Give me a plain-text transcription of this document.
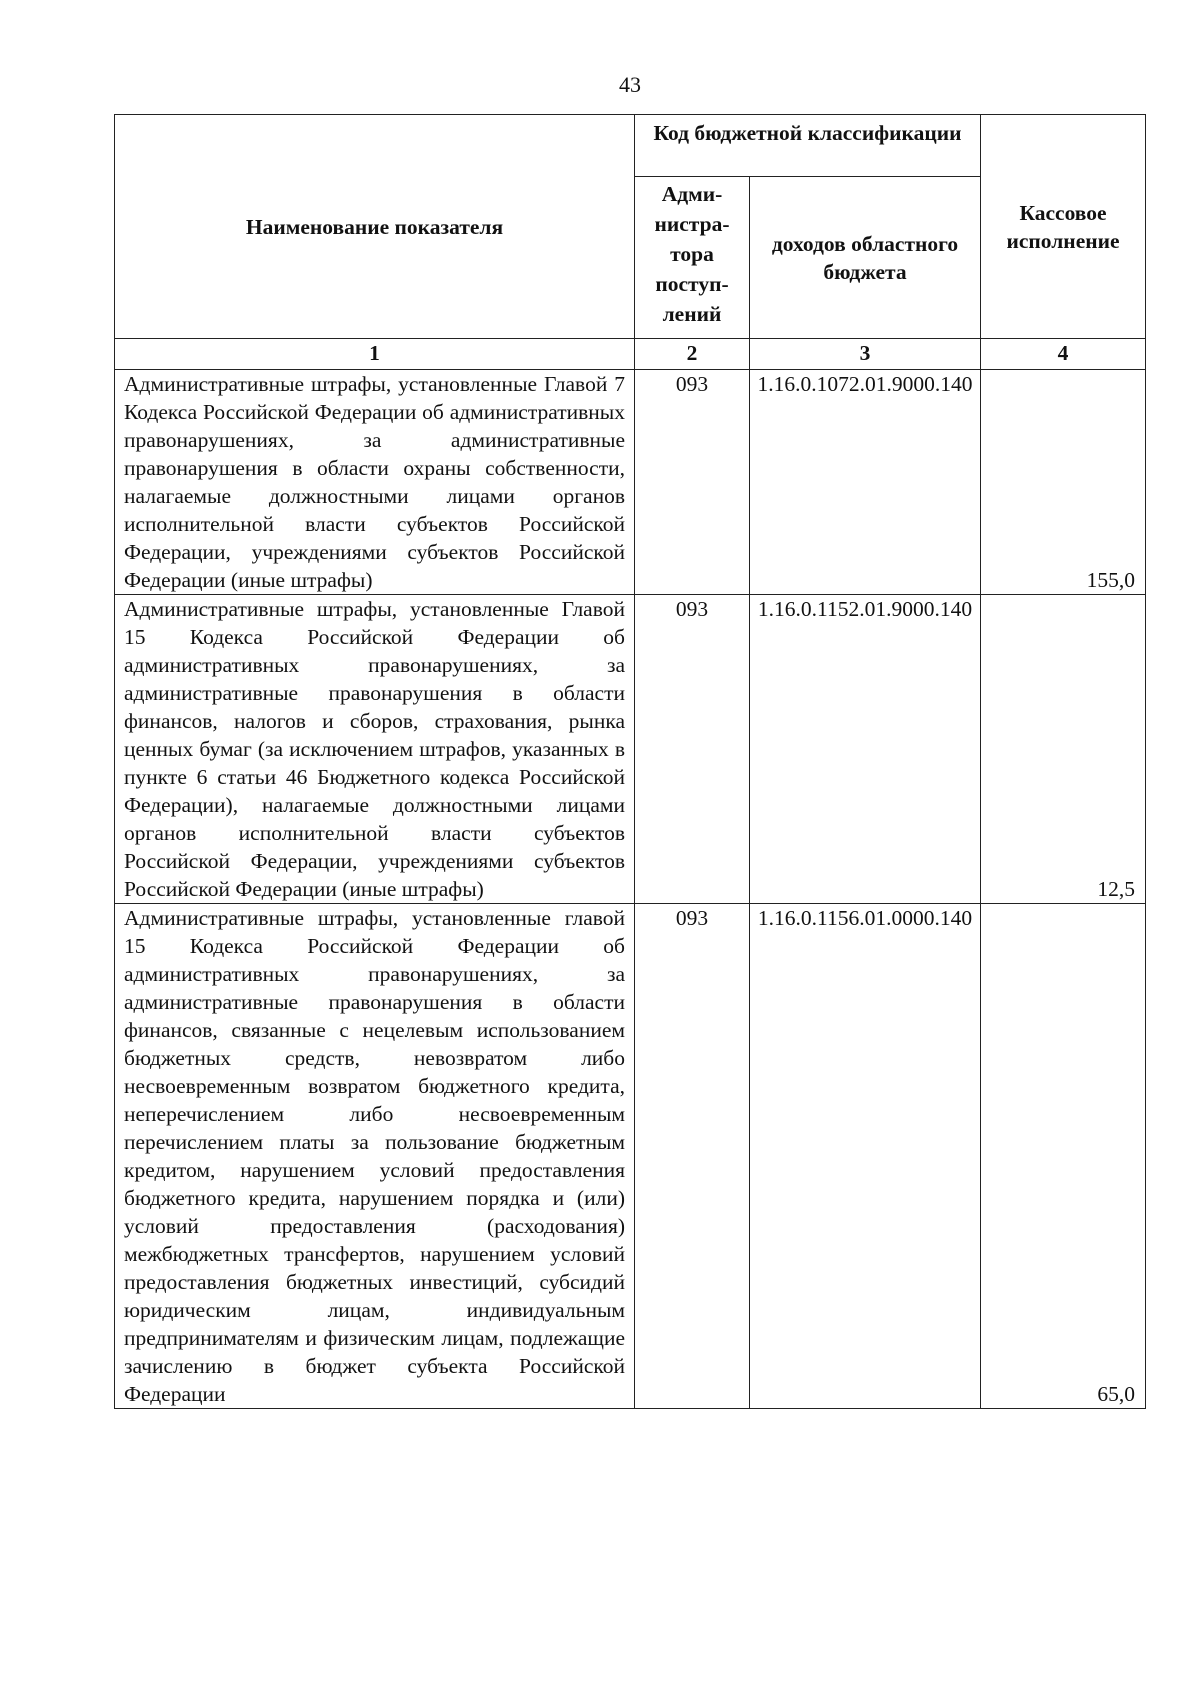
43
Наименование показателя	Код бюджетной классификации		Кассовое исполнение
	Адми-нистра-тора поступ-лений	доходов областного бюджета	
1	2	3	4
Административные штрафы, установленные Главой 7 Кодекса Российской Федерации об административных правонарушениях, за административные правонарушения в области охраны собственности, налагаемые должностными лицами органов исполнительной власти субъектов Российской Федерации, учреждениями субъектов Российской Федерации (иные штрафы)	093	1.16.0.1072.01.9000.140	155,0
Административные штрафы, установленные Главой 15 Кодекса Российской Федерации об административных правонарушениях, за административные правонарушения в области финансов, налогов и сборов, страхования, рынка ценных бумаг (за исключением штрафов, указанных в пункте 6 статьи 46 Бюджетного кодекса Российской Федерации), налагаемые должностными лицами органов исполнительной власти субъектов Российской Федерации, учреждениями субъектов Российской Федерации (иные штрафы)	093	1.16.0.1152.01.9000.140	12,5
Административные штрафы, установленные главой 15 Кодекса Российской Федерации об административных правонарушениях, за административные правонарушения в области финансов, связанные с нецелевым использованием бюджетных средств, невозвратом либо несвоевременным возвратом бюджетного кредита, неперечислением либо несвоевременным перечислением платы за пользование бюджетным кредитом, нарушением условий предоставления бюджетного кредита, нарушением порядка и (или) условий предоставления (расходования) межбюджетных трансфертов, нарушением условий предоставления бюджетных инвестиций, субсидий юридическим лицам, индивидуальным предпринимателям и физическим лицам, подлежащие зачислению в бюджет субъекта Российской Федерации	093	1.16.0.1156.01.0000.140	65,0
